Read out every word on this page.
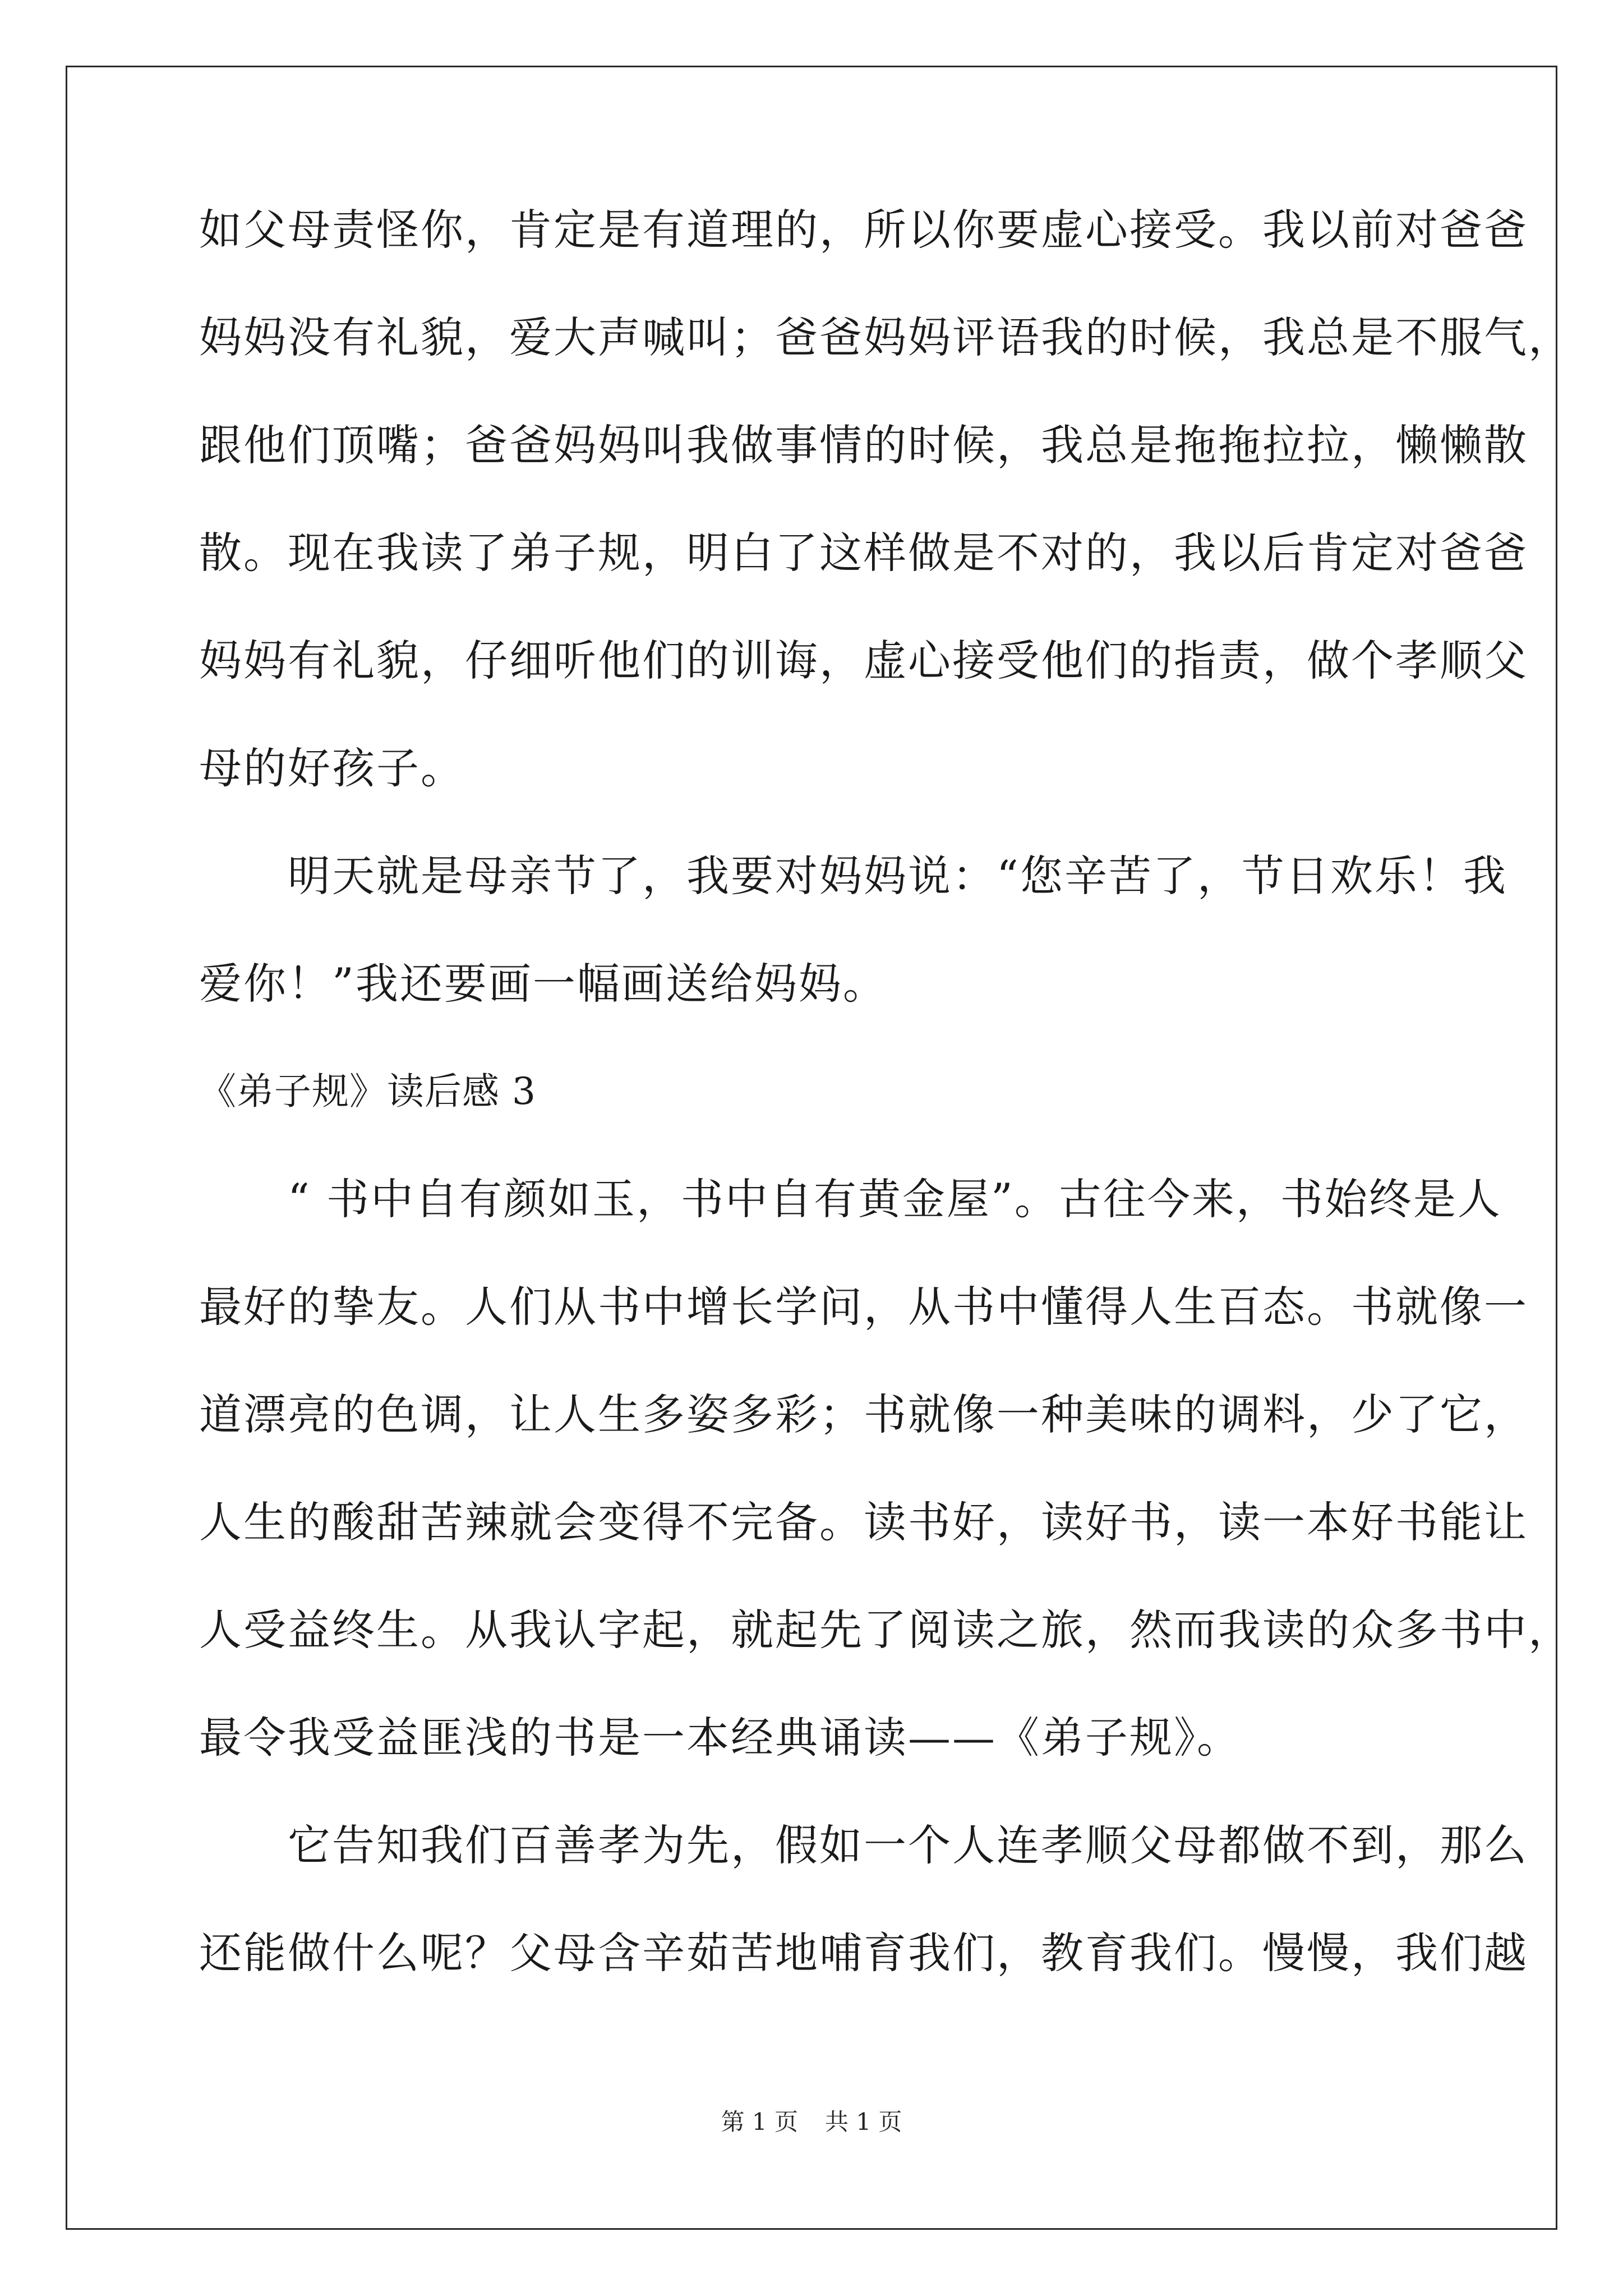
如父母责怪你，肯定是有道理的，所以你要虚心接受。我以前对爸爸
妈妈没有礼貌，爱大声喊叫；爸爸妈妈评语我的时候，我总是不服气，
跟他们顶嘴；爸爸妈妈叫我做事情的时候，我总是拖拖拉拉，懒懒散
散。现在我读了弟子规，明白了这样做是不对的，我以后肯定对爸爸
妈妈有礼貌，仔细听他们的训诲，虚心接受他们的指责，做个孝顺父
母的好孩子。
　　明天就是母亲节了，我要对妈妈说：“您辛苦了，节日欢乐！我
爱你！”我还要画一幅画送给妈妈。
《弟子规》读后感 3
　　“ 书中自有颜如玉，书中自有黄金屋”。古往今来，书始终是人
最好的挚友。人们从书中增长学问，从书中懂得人生百态。书就像一
道漂亮的色调，让人生多姿多彩；书就像一种美味的调料，少了它，
人生的酸甜苦辣就会变得不完备。读书好，读好书，读一本好书能让
人受益终生。从我认字起，就起先了阅读之旅，然而我读的众多书中，
最令我受益匪浅的书是一本经典诵读——《弟子规》。
　　它告知我们百善孝为先，假如一个人连孝顺父母都做不到，那么
还能做什么呢？父母含辛茹苦地哺育我们，教育我们。慢慢，我们越
第 1 页 共 1 页
